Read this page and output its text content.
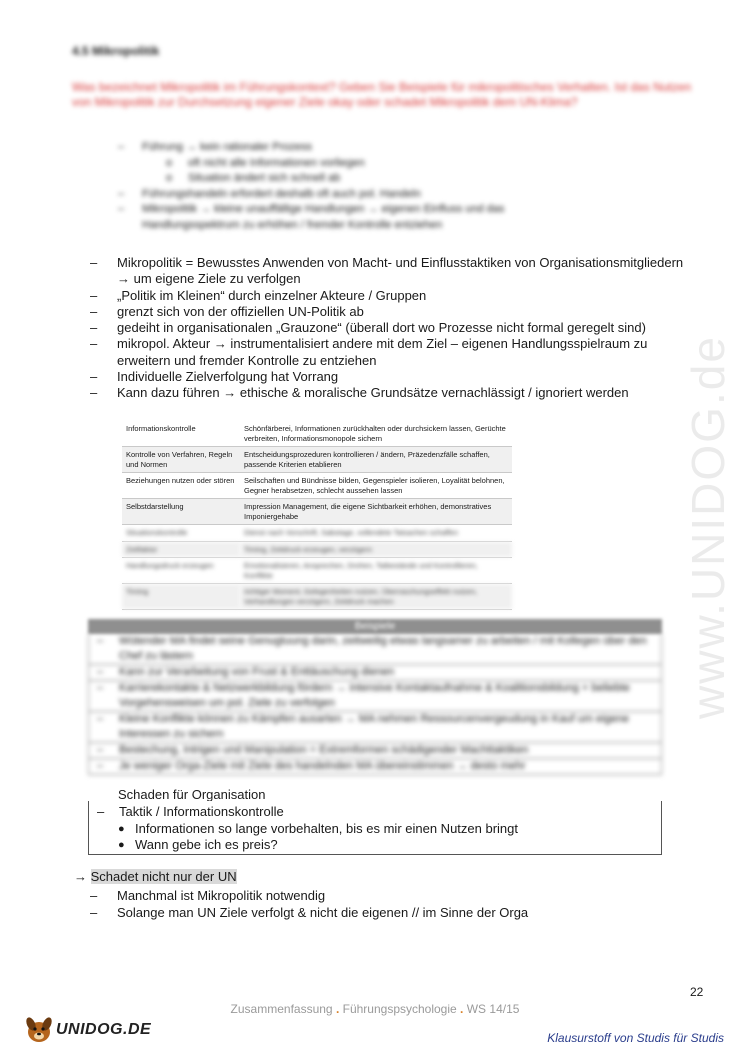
www.UNIDOG.de
4.5 Mikropolitik
Was bezeichnet Mikropolitik im Führungskontext? Geben Sie Beispiele für mikropolitisches Verhalten. Ist das Nutzen von Mikropolitik zur Durchsetzung eigener Ziele okay oder schadet Mikropolitik dem UN-Klima?
– Führung → kein rationaler Prozess
o oft nicht alle Informationen vorliegen
o Situation ändert sich schnell ab
– Führungshandeln erfordert deshalb oft auch pol. Handeln
– Mikropolitik → kleine unauffällige Handlungen → eigenen Einfluss und das
Handlungsspektrum zu erhöhen / fremder Kontrolle entziehen
– Mikropolitik = Bewusstes Anwenden von Macht- und Einflusstaktiken von Organisationsmitgliedern → um eigene Ziele zu verfolgen
– „Politik im Kleinen“ durch einzelner Akteure / Gruppen
– grenzt sich von der offiziellen UN-Politik ab
– gedeiht in organisationalen „Grauzone“ (überall dort wo Prozesse nicht formal geregelt sind)
– mikropol. Akteur → instrumentalisiert andere mit dem Ziel – eigenen Handlungsspielraum zu erweitern und fremder Kontrolle zu entziehen
– Individuelle Zielverfolgung hat Vorrang
– Kann dazu führen → ethische & moralische Grundsätze vernachlässigt / ignoriert werden
Informationskontrolle	Schönfärberei, Informationen zurückhalten oder durchsickern lassen, Gerüchte verbreiten, Informationsmonopole sichern
Kontrolle von Verfahren, Regeln und Normen	Entscheidungsprozeduren kontrollieren / ändern, Präzedenzfälle schaffen, passende Kriterien etablieren
Beziehungen nutzen oder stören	Seilschaften und Bündnisse bilden, Gegenspieler isolieren, Loyalität belohnen, Gegner herabsetzen, schlecht aussehen lassen
Selbstdarstellung	Impression Management, die eigene Sichtbarkeit erhöhen, demonstratives Imponiergehabe
Situationskontrolle	Dienst nach Vorschrift, Sabotage, vollendete Tatsachen schaffen
Zeitfaktor	Timing, Zeitdruck erzeugen, verzögern
Handlungsdruck erzeugen	Emotionalisieren, Ansprechen, Drohen, Tatbestände und Kontrollieren, Konflikte
Timing	richtiger Moment, Gelegenheiten nutzen, Überraschungseffekt nutzen, Verhandlungen verzögern, Zeitdruck machen
Beispiele
– Wütender MA findet seine Genugtuung darin, zeitweilig etwas langsamer zu arbeiten / mit Kollegen über den Chef zu lästern
– Kann zur Verarbeitung von Frust & Enttäuschung dienen
– Karrierekontakte & Netzwerkbildung fördern → intensive Kontaktaufnahme & Koalitionsbildung + beliebte Vorgehensweisen um pol. Ziele zu verfolgen
– Kleine Konflikte können zu Kämpfen ausarten → MA nehmen Ressourcenvergeudung in Kauf um eigene Interessen zu sichern
– Bestechung, Intrigen und Manipulation = Extremformen schädigender Machttaktiken
– Je weniger Orga-Ziele mit Ziele des handelnden MA übereinstimmen → desto mehr
Schaden für Organisation
– Taktik / Informationskontrolle
● Informationen so lange vorbehalten, bis es mir einen Nutzen bringt
● Wann gebe ich es preis?
→ Schadet nicht nur der UN
– Manchmal ist Mikropolitik notwendig
– Solange man UN Ziele verfolgt & nicht die eigenen // im Sinne der Orga
22
Zusammenfassung . Führungspsychologie . WS 14/15
UNIDOG.DE	Klausurstoff von Studis für Studis
